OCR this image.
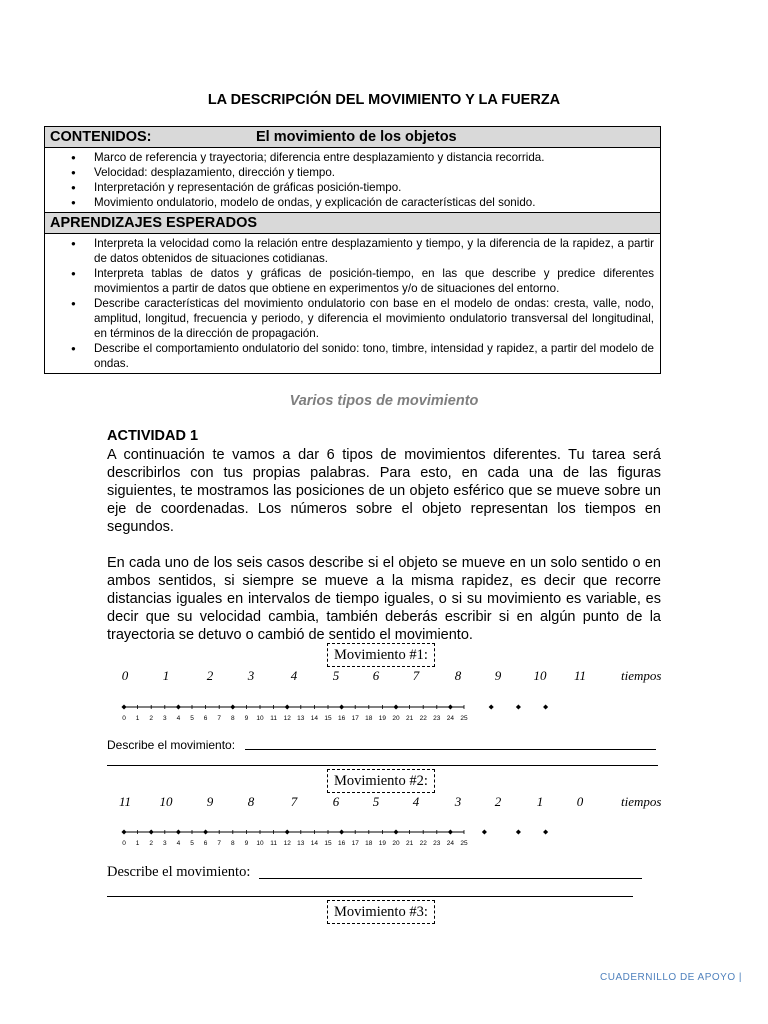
LA DESCRIPCIÓN DEL MOVIMIENTO Y LA FUERZA
CONTENIDOS:	El movimiento de los objetos
● Marco de referencia y trayectoria; diferencia entre desplazamiento y distancia recorrida.
● Velocidad: desplazamiento, dirección y tiempo.
● Interpretación y representación de gráficas posición-tiempo.
● Movimiento ondulatorio, modelo de ondas, y explicación de características del sonido.
APRENDIZAJES ESPERADOS
● Interpreta la velocidad como la relación entre desplazamiento y tiempo, y la diferencia de la rapidez, a partir de datos obtenidos de situaciones cotidianas.
● Interpreta tablas de datos y gráficas de posición-tiempo, en las que describe y predice diferentes movimientos a partir de datos que obtiene en experimentos y/o de situaciones del entorno.
● Describe características del movimiento ondulatorio con base en el modelo de ondas: cresta, valle, nodo, amplitud, longitud, frecuencia y periodo, y diferencia el movimiento ondulatorio transversal del longitudinal, en términos de la dirección de propagación.
● Describe el comportamiento ondulatorio del sonido: tono, timbre, intensidad y rapidez, a partir del modelo de ondas.
Varios tipos de movimiento
ACTIVIDAD 1

A continuación te vamos a dar 6 tipos de movimientos diferentes. Tu tarea será describirlos con tus propias palabras. Para esto, en cada una de las figuras siguientes, te mostramos las posiciones de un objeto esférico que se mueve sobre un eje de coordenadas. Los números sobre el objeto representan los tiempos en segundos.

En cada uno de los seis casos describe si el objeto se mueve en un solo sentido o en ambos sentidos, si siempre se mueve a la misma rapidez, es decir que recorre distancias iguales en intervalos de tiempo iguales, o si su movimiento es variable, es decir que su velocidad cambia, también deberás escribir si en algún punto de la trayectoria se detuvo o cambió de sentido el movimiento.

Movimiento #1:
0	1	2	3	4	5	6	7	8	9 10 11	tiempos
0 1 2 3 4 5 6 7 8 9 10 11 12 13 14 15 16 17 18 19 20 21 22 23 24 25
Describe el movimiento:
Movimiento #2:
11 10	9	8	7	6	5	4	3	2	1	0	tiempos
0 1 2 3 4 5 6 7 8 9 10 11 12 13 14 15 16 17 18 19 20 21 22 23 24 25
Describe el movimiento:
Movimiento #3:
CUADERNILLO DE APOYO |
